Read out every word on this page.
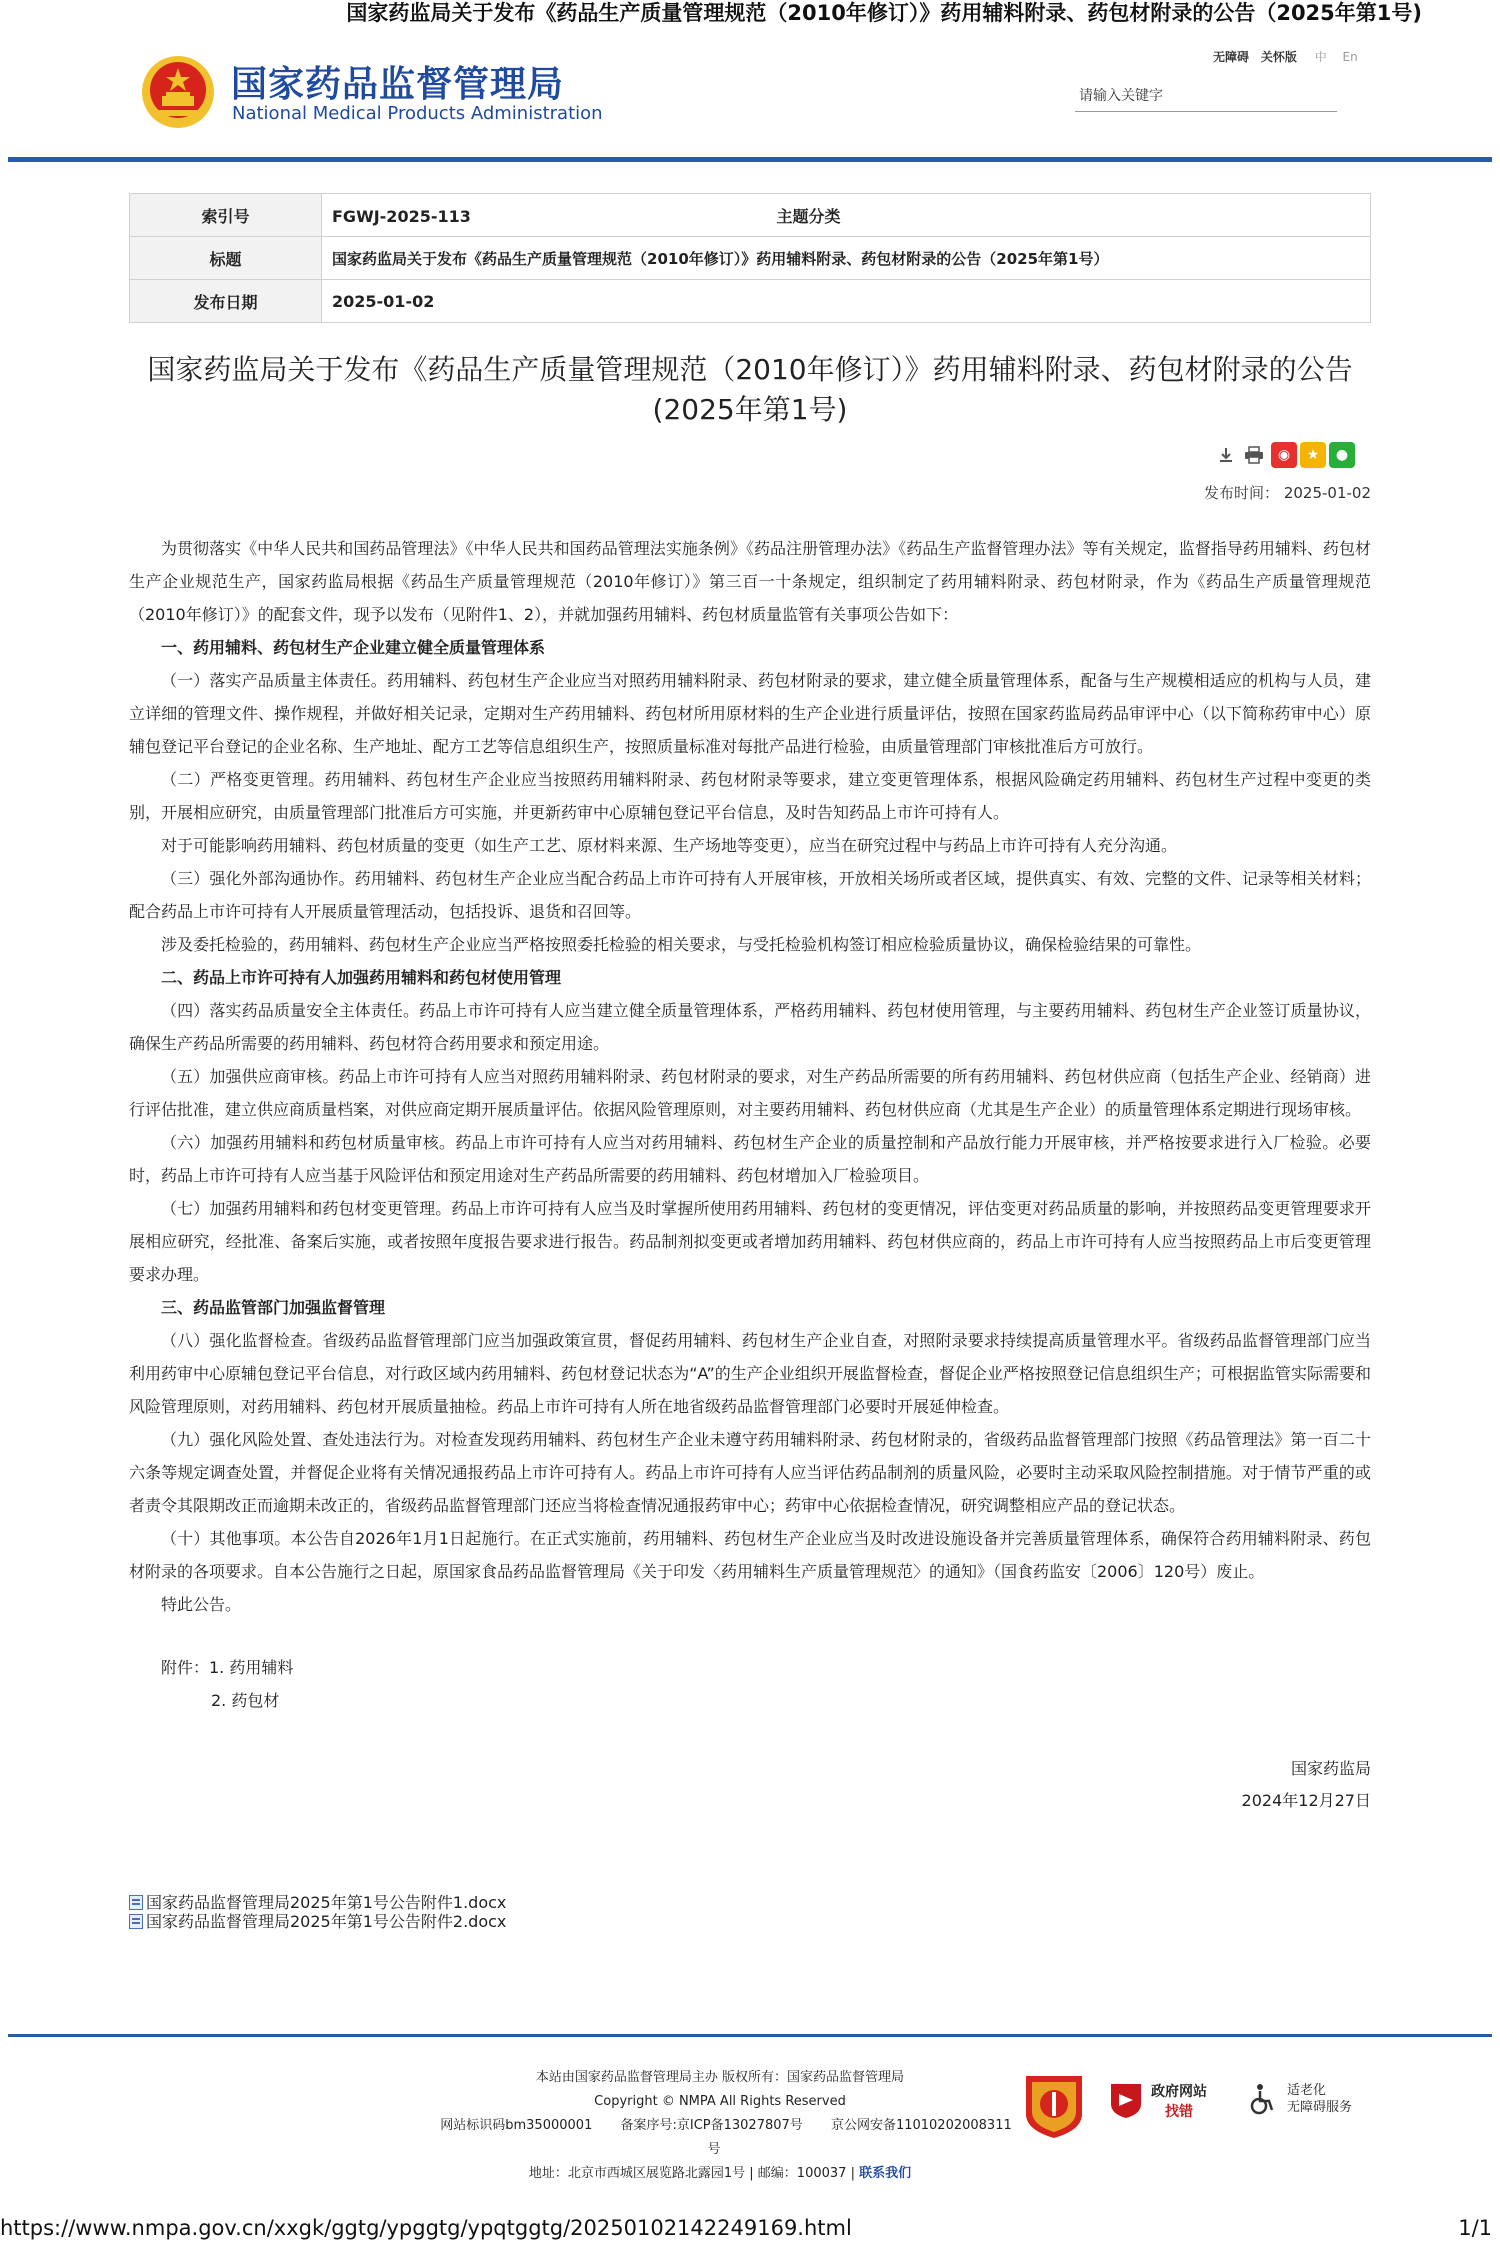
国家药监局关于发布《药品生产质量管理规范（2010年修订）》药用辅料附录、药包材附录的公告（2025年第1号)
国家药品监督管理局
National Medical Products Administration
无障碍 关怀版 中 En
请输入关键字
索引号	FGWJ-2025-113 主题分类
标题	国家药监局关于发布《药品生产质量管理规范（2010年修订）》药用辅料附录、药包材附录的公告（2025年第1号）
发布日期	2025-01-02
国家药监局关于发布《药品生产质量管理规范（2010年修订）》药用辅料附录、药包材附录的公告
(2025年第1号)
◉	★	●
发布时间： 2025-01-02

为贯彻落实《中华人民共和国药品管理法》《中华人民共和国药品管理法实施条例》《药品注册管理办法》《药品生产监督管理办法》等有关规定，监督指导药用辅料、药包材生产企业规范生产，国家药监局根据《药品生产质量管理规范（2010年修订）》第三百一十条规定，组织制定了药用辅料附录、药包材附录，作为《药品生产质量管理规范（2010年修订）》的配套文件，现予以发布（见附件1、2），并就加强药用辅料、药包材质量监管有关事项公告如下：

一、药用辅料、药包材生产企业建立健全质量管理体系

（一）落实产品质量主体责任。药用辅料、药包材生产企业应当对照药用辅料附录、药包材附录的要求，建立健全质量管理体系，配备与生产规模相适应的机构与人员，建立详细的管理文件、操作规程，并做好相关记录，定期对生产药用辅料、药包材所用原材料的生产企业进行质量评估，按照在国家药监局药品审评中心（以下简称药审中心）原辅包登记平台登记的企业名称、生产地址、配方工艺等信息组织生产，按照质量标准对每批产品进行检验，由质量管理部门审核批准后方可放行。

（二）严格变更管理。药用辅料、药包材生产企业应当按照药用辅料附录、药包材附录等要求，建立变更管理体系，根据风险确定药用辅料、药包材生产过程中变更的类别，开展相应研究，由质量管理部门批准后方可实施，并更新药审中心原辅包登记平台信息，及时告知药品上市许可持有人。

对于可能影响药用辅料、药包材质量的变更（如生产工艺、原材料来源、生产场地等变更），应当在研究过程中与药品上市许可持有人充分沟通。

（三）强化外部沟通协作。药用辅料、药包材生产企业应当配合药品上市许可持有人开展审核，开放相关场所或者区域，提供真实、有效、完整的文件、记录等相关材料；配合药品上市许可持有人开展质量管理活动，包括投诉、退货和召回等。

涉及委托检验的，药用辅料、药包材生产企业应当严格按照委托检验的相关要求，与受托检验机构签订相应检验质量协议，确保检验结果的可靠性。

二、药品上市许可持有人加强药用辅料和药包材使用管理

（四）落实药品质量安全主体责任。药品上市许可持有人应当建立健全质量管理体系，严格药用辅料、药包材使用管理，与主要药用辅料、药包材生产企业签订质量协议，确保生产药品所需要的药用辅料、药包材符合药用要求和预定用途。

（五）加强供应商审核。药品上市许可持有人应当对照药用辅料附录、药包材附录的要求，对生产药品所需要的所有药用辅料、药包材供应商（包括生产企业、经销商）进行评估批准，建立供应商质量档案，对供应商定期开展质量评估。依据风险管理原则，对主要药用辅料、药包材供应商（尤其是生产企业）的质量管理体系定期进行现场审核。

（六）加强药用辅料和药包材质量审核。药品上市许可持有人应当对药用辅料、药包材生产企业的质量控制和产品放行能力开展审核，并严格按要求进行入厂检验。必要时，药品上市许可持有人应当基于风险评估和预定用途对生产药品所需要的药用辅料、药包材增加入厂检验项目。

（七）加强药用辅料和药包材变更管理。药品上市许可持有人应当及时掌握所使用药用辅料、药包材的变更情况，评估变更对药品质量的影响，并按照药品变更管理要求开展相应研究，经批准、备案后实施，或者按照年度报告要求进行报告。药品制剂拟变更或者增加药用辅料、药包材供应商的，药品上市许可持有人应当按照药品上市后变更管理要求办理。

三、药品监管部门加强监督管理

（八）强化监督检查。省级药品监督管理部门应当加强政策宣贯，督促药用辅料、药包材生产企业自查，对照附录要求持续提高质量管理水平。省级药品监督管理部门应当利用药审中心原辅包登记平台信息，对行政区域内药用辅料、药包材登记状态为“A”的生产企业组织开展监督检查，督促企业严格按照登记信息组织生产；可根据监管实际需要和风险管理原则，对药用辅料、药包材开展质量抽检。药品上市许可持有人所在地省级药品监督管理部门必要时开展延伸检查。

（九）强化风险处置、查处违法行为。对检查发现药用辅料、药包材生产企业未遵守药用辅料附录、药包材附录的，省级药品监督管理部门按照《药品管理法》第一百二十六条等规定调查处置，并督促企业将有关情况通报药品上市许可持有人。药品上市许可持有人应当评估药品制剂的质量风险，必要时主动采取风险控制措施。对于情节严重的或者责令其限期改正而逾期未改正的，省级药品监督管理部门还应当将检查情况通报药审中心；药审中心依据检查情况，研究调整相应产品的登记状态。

（十）其他事项。本公告自2026年1月1日起施行。在正式实施前，药用辅料、药包材生产企业应当及时改进设施设备并完善质量管理体系，确保符合药用辅料附录、药包材附录的各项要求。自本公告施行之日起，原国家食品药品监督管理局《关于印发〈药用辅料生产质量管理规范〉的通知》（国食药监安〔2006〕120号）废止。

特此公告。

附件：1. 药用辅料
2. 药包材
国家药监局
2024年12月27日
国家药品监督管理局2025年第1号公告附件1.docx
国家药品监督管理局2025年第1号公告附件2.docx
本站由国家药品监督管理局主办 版权所有：国家药品监督管理局
Copyright © NMPA All Rights Reserved
网站标识码bm35000001 备案序号:京ICP备13027807号 京公网安备11010202008311号
地址：北京市西城区展览路北露园1号 | 邮编：100037 | 联系我们
政府网站
找错
适老化
无障碍服务
https://www.nmpa.gov.cn/xxgk/ggtg/ypggtg/ypqtggtg/20250102142249169.html	1/1
